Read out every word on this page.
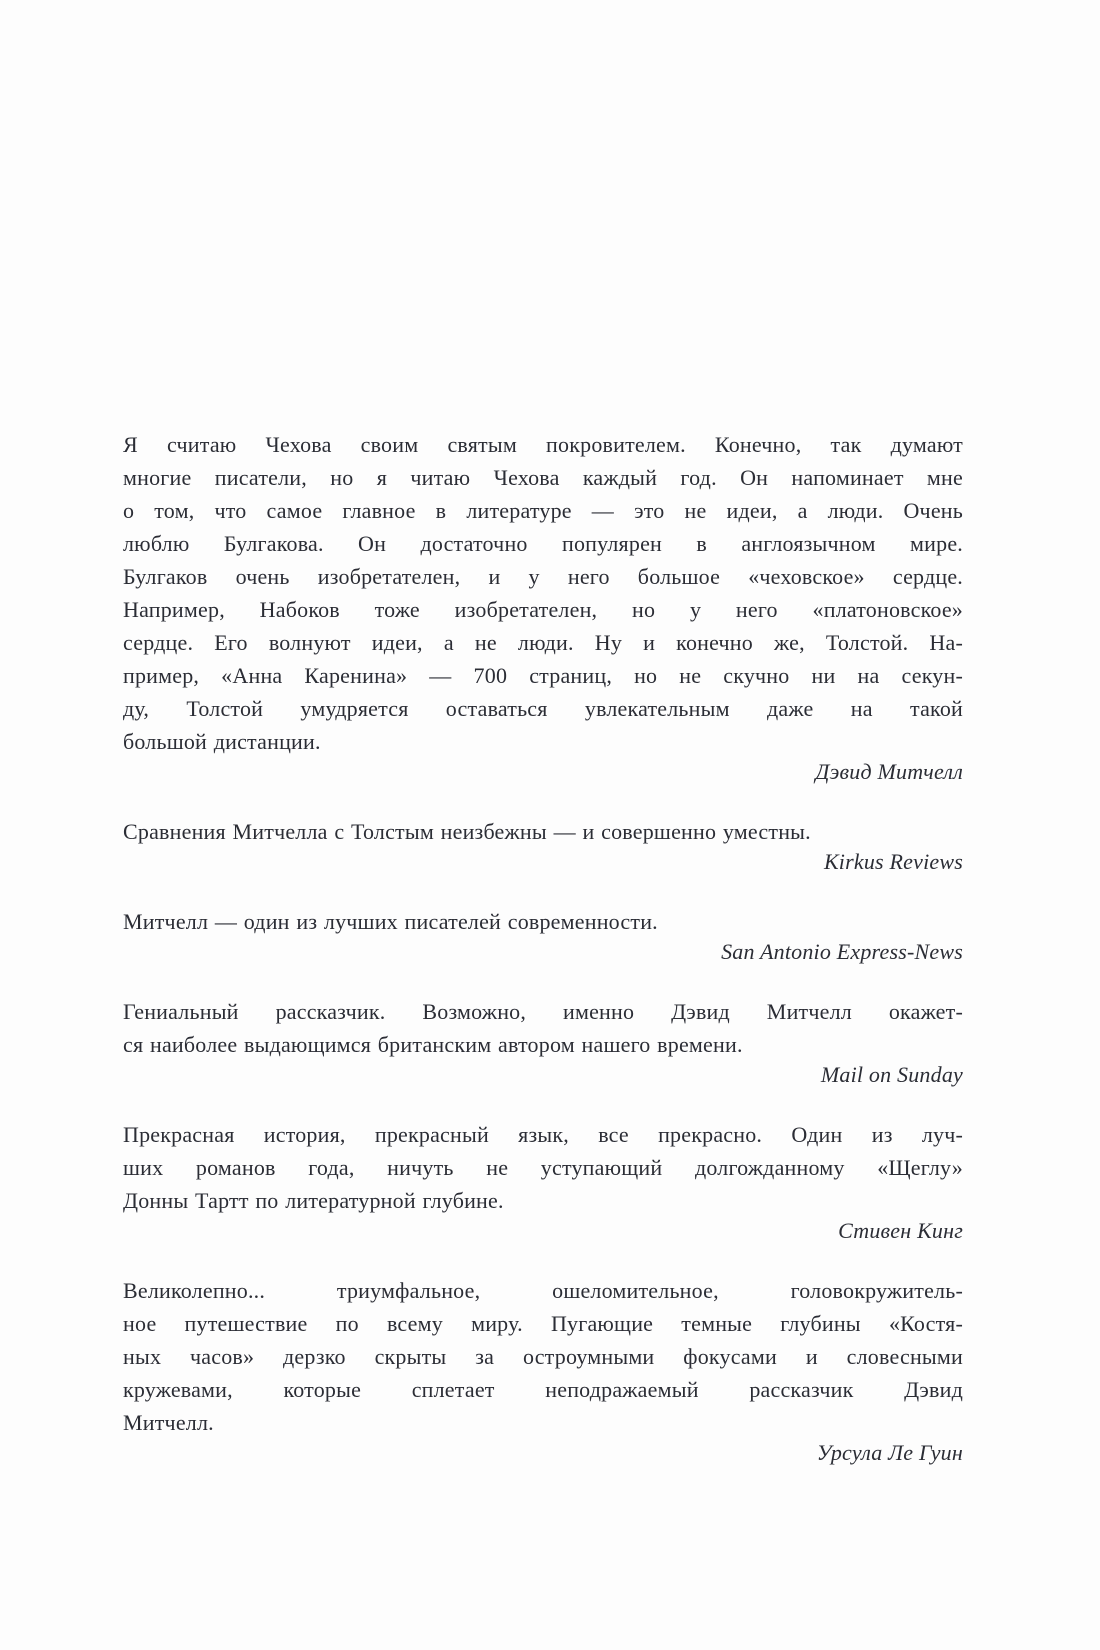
Я считаю Чехова своим святым покровителем. Конечно, так думают
многие писатели, но я читаю Чехова каждый год. Он напоминает мне
о том, что самое главное в литературе — это не идеи, а люди. Очень
люблю Булгакова. Он достаточно популярен в англоязычном мире.
Булгаков очень изобретателен, и у него большое «чеховское» сердце.
Например, Набоков тоже изобретателен, но у него «платоновское»
сердце. Его волнуют идеи, а не люди. Ну и конечно же, Толстой. На-
пример, «Анна Каренина» — 700 страниц, но не скучно ни на секун-
ду, Толстой умудряется оставаться увлекательным даже на такой
большой дистанции.
Дэвид Митчелл
Сравнения Митчелла с Толстым неизбежны — и совершенно уместны.
Kirkus Reviews
Митчелл — один из лучших писателей современности.
San Antonio Express-News
Гениальный рассказчик. Возможно, именно Дэвид Митчелл окажет-
ся наиболее выдающимся британским автором нашего времени.
Mail on Sunday
Прекрасная история, прекрасный язык, все прекрасно. Один из луч-
ших романов года, ничуть не уступающий долгожданному «Щеглу»
Донны Тартт по литературной глубине.
Стивен Кинг
Великолепно... триумфальное, ошеломительное, головокружитель-
ное путешествие по всему миру. Пугающие темные глубины «Костя-
ных часов» дерзко скрыты за остроумными фокусами и словесными
кружевами, которые сплетает неподражаемый рассказчик Дэвид
Митчелл.
Урсула Ле Гуин
